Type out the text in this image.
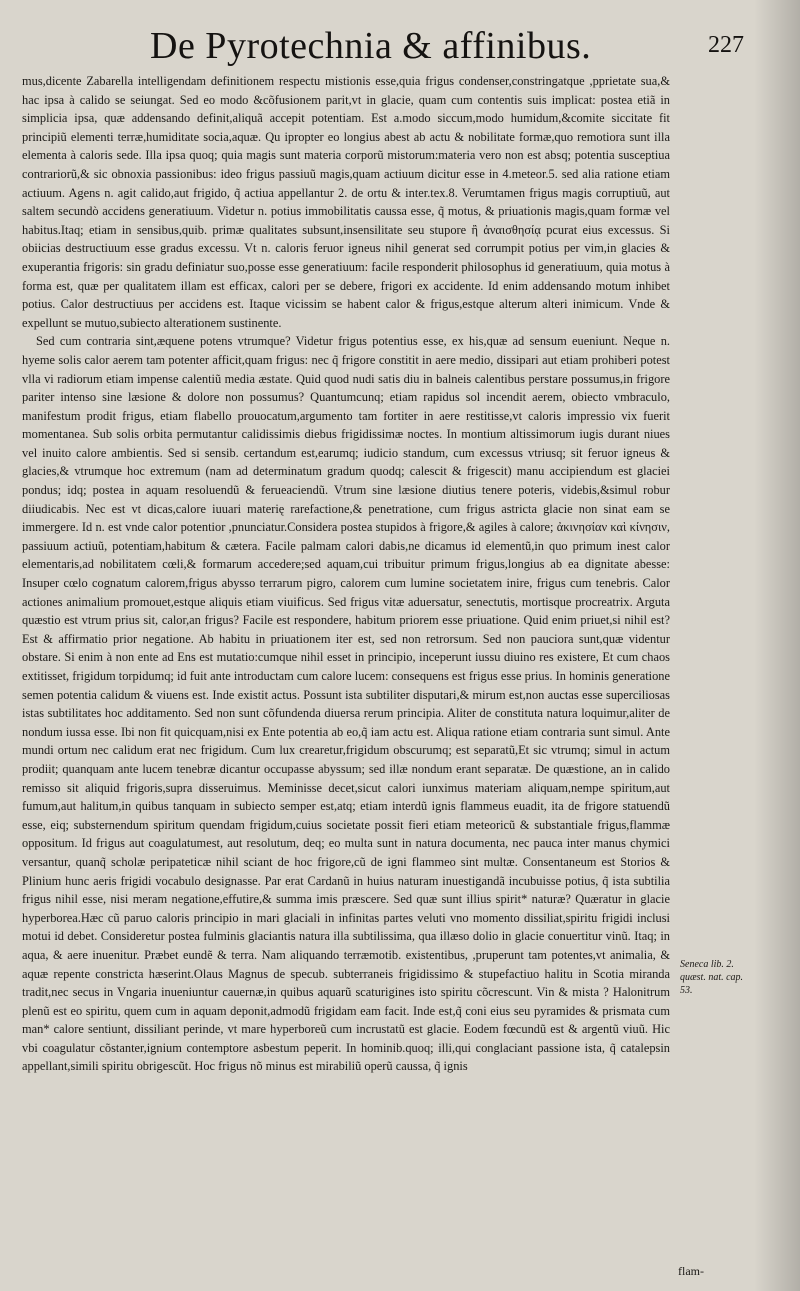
De Pyrotechnia & affinibus.	227

mus,dicente Zabarella intelligendam definitionem respectu mistionis esse,quia frigus condenser,constringatque ,pprietate sua,& hac ipsa à calido se seiungat. Sed eo modo &cõfusionem parit,vt in glacie, quam cum contentis suis implicat: postea etiã in simplicia ipsa, quæ addensando definit,aliquã accepit potentiam. Est a.modo siccum,modo humidum,&comite siccitate fit principiũ elementi terræ,humiditate socia,aquæ. Qu ipropter eo longius abest ab actu & nobilitate formæ,quo remotiora sunt illa elementa à caloris sede. Illa ipsa quoq; quia magis sunt materia corporũ mistorum:materia vero non est absq; potentia susceptiua contrariorũ,& sic obnoxia passionibus: ideo frigus passiuũ magis,quam actiuum dicitur esse in 4.meteor.5. sed alia ratione etiam actiuum. Agens n. agit calido,aut frigido, q̃ actiua appellantur 2. de ortu & inter.tex.8. Verumtamen frigus magis corruptiuũ, aut saltem secundò accidens generatiuum. Videtur n. potius immobilitatis caussa esse, q̃ motus, & priuationis magis,quam formæ vel habitus.Itaq; etiam in sensibus,quib. primæ qualitates subsunt,insensilitate seu stupore ἢ ἀναισθησίᾳ pcurat eius excessus. Si obiicias destructiuum esse gradus excessu. Vt n. caloris feruor igneus nihil generat sed corrumpit potius per vim,in glacies & exuperantia frigoris: sin gradu definiatur suo,posse esse generatiuum: facile responderit philosophus id generatiuum, quia motus à forma est, quæ per qualitatem illam est efficax, calori per se debere, frigori ex accidente. Id enim addensando motum inhibet potius. Calor destructiuus per accidens est. Itaque vicissim se habent calor & frigus,estque alterum alteri inimicum. Vnde & expellunt se mutuo,subiecto alterationem sustinente.

Sed cum contraria sint,æquene potens vtrumque? Videtur frigus potentius esse, ex his,quæ ad sensum eueniunt. Neque n. hyeme solis calor aerem tam potenter afficit,quam frigus: nec q̃ frigore constitit in aere medio, dissipari aut etiam prohiberi potest vlla vi radiorum etiam impense calentiũ media æstate. Quid quod nudi satis diu in balneis calentibus perstare possumus,in frigore pariter intenso sine læsione & dolore non possumus? Quantumcunq; etiam rapidus sol incendit aerem, obiecto vmbraculo, manifestum prodit frigus, etiam flabello prouocatum,argumento tam fortiter in aere restitisse,vt caloris impressio vix fuerit momentanea. Sub solis orbita permutantur calidissimis diebus frigidissimæ noctes. In montium altissimorum iugis durant niues vel inuito calore ambientis. Sed si sensib. certandum est,earumq; iudicio standum, cum excessus vtriusq; sit feruor igneus & glacies,& vtrumque hoc extremum (nam ad determinatum gradum quodq; calescit & frigescit) manu accipiendum est glaciei pondus; idq; postea in aquam resoluendũ & ferueaciendũ. Vtrum sine læsione diutius tenere poteris, videbis,&simul robur diiudicabis. Nec est vt dicas,calore iuuari materię rarefactione,& penetratione, cum frigus astricta glacie non sinat eam se immergere. Id n. est vnde calor potentior ,pnunciatur.Considera postea stupidos à frigore,& agiles à calore; ἀκινησίαν καὶ κίνησιν, passiuum actiuũ, potentiam,habitum & cætera. Facile palmam calori dabis,ne dicamus id elementũ,in quo primum inest calor elementaris,ad nobilitatem cœli,& formarum accedere;sed aquam,cui tribuitur primum frigus,longius ab ea dignitate abesse: Insuper cœlo cognatum calorem,frigus abysso terrarum pigro, calorem cum lumine societatem inire, frigus cum tenebris. Calor actiones animalium promouet,estque aliquis etiam viuificus. Sed frigus vitæ aduersatur, senectutis, mortisque procreatrix. Arguta quæstio est vtrum prius sit, calor,an frigus? Facile est respondere, habitum priorem esse priuatione. Quid enim priuet,si nihil est? Est & affirmatio prior negatione. Ab habitu in priuationem iter est, sed non retrorsum. Sed non pauciora sunt,quæ videntur obstare. Si enim à non ente ad Ens est mutatio:cumque nihil esset in principio, inceperunt iussu diuino res existere, Et cum chaos extitisset, frigidum torpidumq; id fuit ante introductam cum calore lucem: consequens est frigus esse prius. In hominis generatione semen potentia calidum & viuens est. Inde existit actus. Possunt ista subtiliter disputari,& mirum est,non auctas esse superciliosas istas subtilitates hoc additamento. Sed non sunt cõfundenda diuersa rerum principia. Aliter de constituta natura loquimur,aliter de nondum iussa esse. Ibi non fit quicquam,nisi ex Ente potentia ab eo,q̃ iam actu est. Aliqua ratione etiam contraria sunt simul. Ante mundi ortum nec calidum erat nec frigidum. Cum lux crearetur,frigidum obscurumq; est separatũ,Et sic vtrumq; simul in actum prodiit; quanquam ante lucem tenebræ dicantur occupasse abyssum; sed illæ nondum erant separatæ. De quæstione, an in calido remisso sit aliquid frigoris,supra disseruimus. Meminisse decet,sicut calori iunximus materiam aliquam,nempe spiritum,aut fumum,aut halitum,in quibus tanquam in subiecto semper est,atq; etiam interdũ ignis flammeus euadit, ita de frigore statuendũ esse, eiq; substernendum spiritum quendam frigidum,cuius societate possit fieri etiam meteoricũ & substantiale frigus,flammæ oppositum. Id frigus aut coagulatumest, aut resolutum, deq; eo multa sunt in natura documenta, nec pauca inter manus chymici versantur, quanq̃ scholæ peripateticæ nihil sciant de hoc frigore,cũ de igni flammeo sint multæ. Consentaneum est Storios & Plinium hunc aeris frigidi vocabulo designasse. Par erat Cardanũ in huius naturam inuestigandã incubuisse potius, q̃ ista subtilia frigus nihil esse, nisi meram negatione,effutire,& summa imis præscere. Sed quæ sunt illius spirit* naturæ? Quæratur in glacie hyperborea.Hæc cũ paruo caloris principio in mari glaciali in infinitas partes veluti vno momento dissiliat,spiritu frigidi inclusi motui id debet. Consideretur postea fulminis glaciantis natura illa subtilissima, qua illæso dolio in glacie conuertitur vinũ. Itaq; in aqua, & aere inuenitur. Præbet eundẽ & terra. Nam aliquando terræmotib. existentibus, ,pruperunt tam potentes,vt animalia, & aquæ repente constricta hæserint.Olaus Magnus de specub. subterraneis frigidissimo & stupefactiuo halitu in Scotia miranda tradit,nec secus in Vngaria inueniuntur cauernæ,in quibus aquarũ scaturigines isto spiritu cõcrescunt. Vin & mista ? Halonitrum plenũ est eo spiritu, quem cum in aquam deponit,admodũ frigidam eam facit. Inde est,q̃ coni eius seu pyramides & prismata cum man* calore sentiunt, dissiliant perinde, vt mare hyperboreũ cum incrustatũ est glacie. Eodem fœcundũ est & argentũ viuũ. Hic vbi coagulatur cõstanter,ignium contemptore asbestum peperit. In hominib.quoq; illi,qui conglaciant passione ista, q̃ catalepsin appellant,simili spiritu obrigescũt. Hoc frigus nõ minus est mirabiliũ operũ caussa, q̃ ignis

Seneca lib. 2. quæst. nat. cap. 53.
flam-
